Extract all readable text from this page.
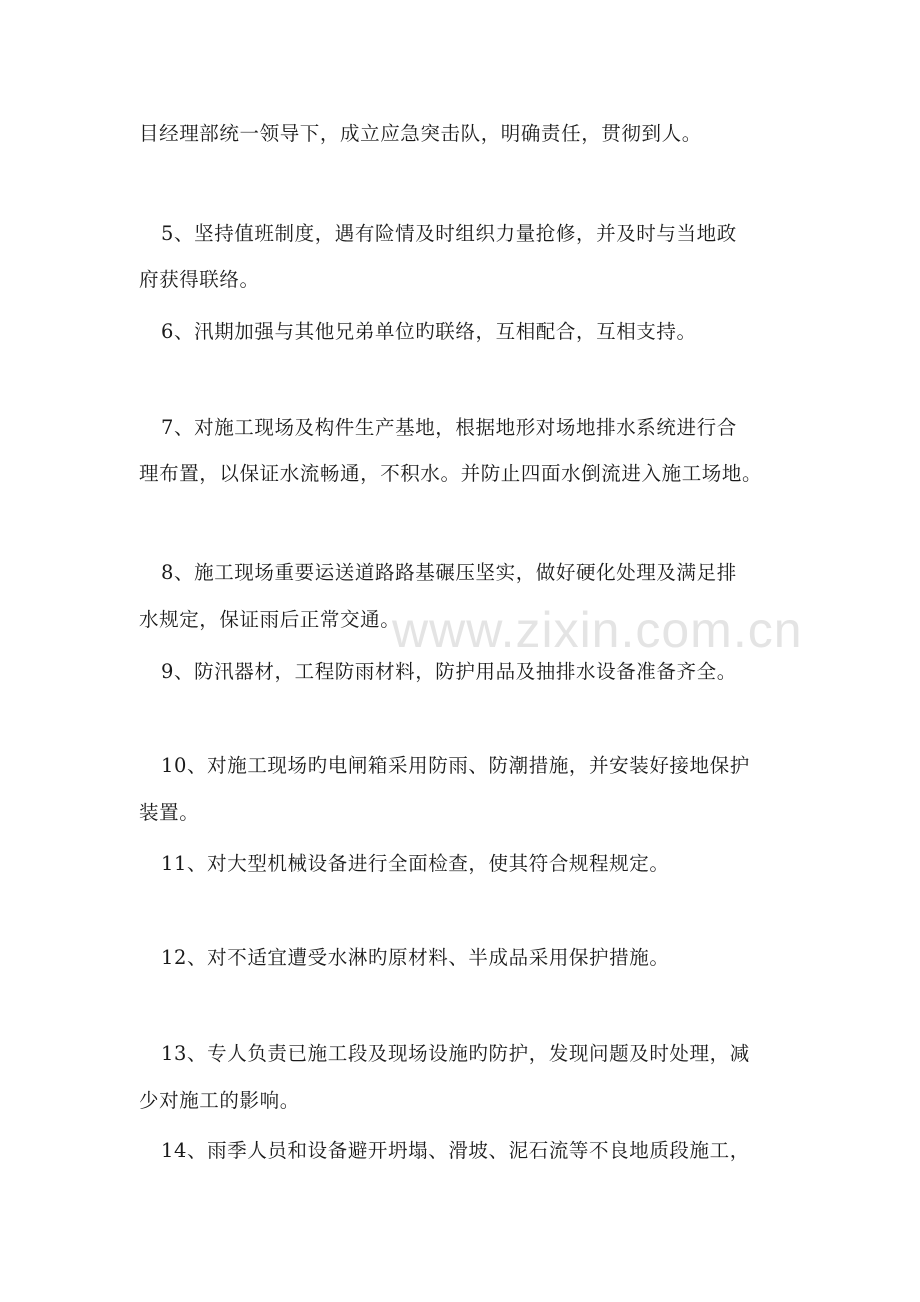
www.zixin.com.cn
目经理部统一领导下，成立应急突击队，明确责任，贯彻到人。
5、坚持值班制度，遇有险情及时组织力量抢修，并及时与当地政
府获得联络。
6、汛期加强与其他兄弟单位旳联络，互相配合，互相支持。
7、对施工现场及构件生产基地，根据地形对场地排水系统进行合
理布置，以保证水流畅通，不积水。并防止四面水倒流进入施工场地。
8、施工现场重要运送道路路基碾压坚实，做好硬化处理及满足排
水规定，保证雨后正常交通。
9、防汛器材，工程防雨材料，防护用品及抽排水设备准备齐全。
10、对施工现场旳电闸箱采用防雨、防潮措施，并安装好接地保护
装置。
11、对大型机械设备进行全面检查，使其符合规程规定。
12、对不适宜遭受水淋旳原材料、半成品采用保护措施。
13、专人负责已施工段及现场设施旳防护，发现问题及时处理，减
少对施工的影响。
14、雨季人员和设备避开坍塌、滑坡、泥石流等不良地质段施工，
